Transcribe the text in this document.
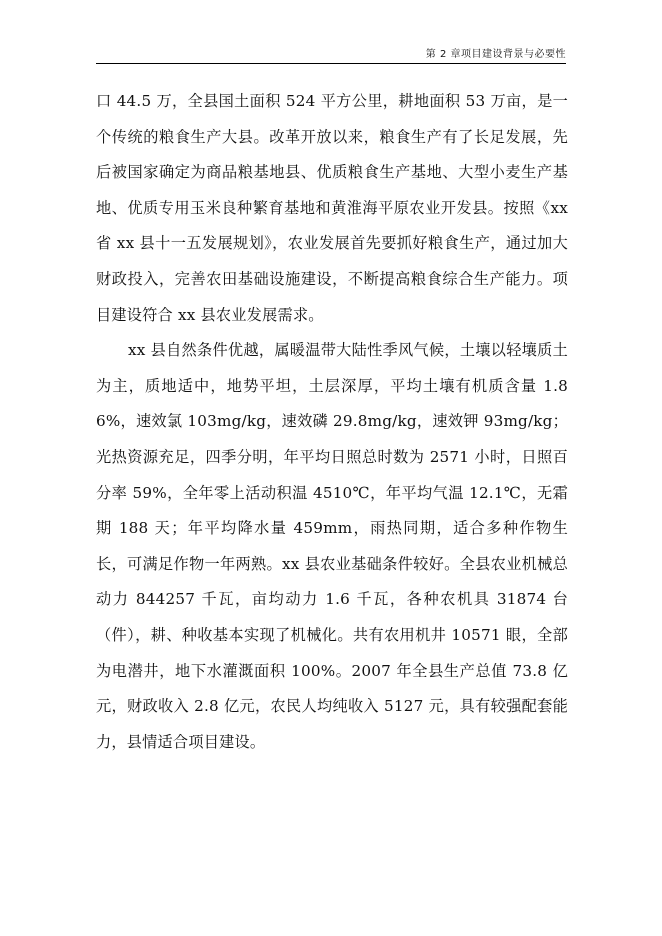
第 2 章项目建设背景与必要性

口 44.5 万，全县国土面积 524 平方公里，耕地面积 53 万亩，是一个传统的粮食生产大县。改革开放以来，粮食生产有了长足发展，先后被国家确定为商品粮基地县、优质粮食生产基地、大型小麦生产基地、优质专用玉米良种繁育基地和黄淮海平原农业开发县。按照《xx 省 xx 县十一五发展规划》，农业发展首先要抓好粮食生产，通过加大财政投入，完善农田基础设施建设，不断提高粮食综合生产能力。项目建设符合 xx 县农业发展需求。

xx 县自然条件优越，属暖温带大陆性季风气候，土壤以轻壤质土为主，质地适中，地势平坦，土层深厚，平均土壤有机质含量 1.86%，速效氯 103mg/kg，速效磷 29.8mg/kg，速效钾 93mg/kg；光热资源充足，四季分明，年平均日照总时数为 2571 小时，日照百分率 59%，全年零上活动积温 4510℃，年平均气温 12.1℃，无霜期 188 天；年平均降水量 459mm，雨热同期，适合多种作物生长，可满足作物一年两熟。xx 县农业基础条件较好。全县农业机械总动力 844257 千瓦，亩均动力 1.6 千瓦，各种农机具 31874 台（件），耕、种收基本实现了机械化。共有农用机井 10571 眼，全部为电潜井，地下水灌溉面积 100%。2007 年全县生产总值 73.8 亿元，财政收入 2.8 亿元，农民人均纯收入 5127 元，具有较强配套能力，县情适合项目建设。
